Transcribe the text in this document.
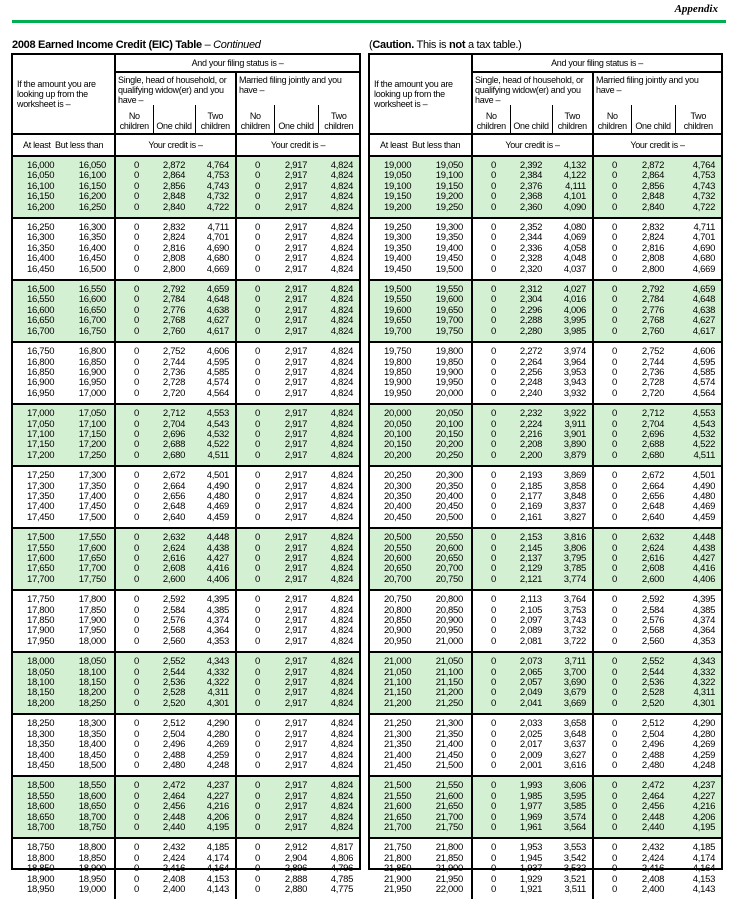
Appendix
2008 Earned Income Credit (EIC) Table – Continued	(Caution. This is not a tax table.)
If the amount you are looking up from the worksheet is –		And your filing status is –					
		Single, head of household, or qualifying widow(er) and you have –			Married filing jointly and you have –		
		No children	One child	Two children	No children	One child	Two children
At least But less than		Your credit is –			Your credit is –		
16,000	16,050	0	2,872	4,764	0	2,917	4,824
16,050	16,100	0	2,864	4,753	0	2,917	4,824
16,100	16,150	0	2,856	4,743	0	2,917	4,824
16,150	16,200	0	2,848	4,732	0	2,917	4,824
16,200	16,250	0	2,840	4,722	0	2,917	4,824
16,250	16,300	0	2,832	4,711	0	2,917	4,824
16,300	16,350	0	2,824	4,701	0	2,917	4,824
16,350	16,400	0	2,816	4,690	0	2,917	4,824
16,400	16,450	0	2,808	4,680	0	2,917	4,824
16,450	16,500	0	2,800	4,669	0	2,917	4,824
16,500	16,550	0	2,792	4,659	0	2,917	4,824
16,550	16,600	0	2,784	4,648	0	2,917	4,824
16,600	16,650	0	2,776	4,638	0	2,917	4,824
16,650	16,700	0	2,768	4,627	0	2,917	4,824
16,700	16,750	0	2,760	4,617	0	2,917	4,824
16,750	16,800	0	2,752	4,606	0	2,917	4,824
16,800	16,850	0	2,744	4,595	0	2,917	4,824
16,850	16,900	0	2,736	4,585	0	2,917	4,824
16,900	16,950	0	2,728	4,574	0	2,917	4,824
16,950	17,000	0	2,720	4,564	0	2,917	4,824
17,000	17,050	0	2,712	4,553	0	2,917	4,824
17,050	17,100	0	2,704	4,543	0	2,917	4,824
17,100	17,150	0	2,696	4,532	0	2,917	4,824
17,150	17,200	0	2,688	4,522	0	2,917	4,824
17,200	17,250	0	2,680	4,511	0	2,917	4,824
17,250	17,300	0	2,672	4,501	0	2,917	4,824
17,300	17,350	0	2,664	4,490	0	2,917	4,824
17,350	17,400	0	2,656	4,480	0	2,917	4,824
17,400	17,450	0	2,648	4,469	0	2,917	4,824
17,450	17,500	0	2,640	4,459	0	2,917	4,824
17,500	17,550	0	2,632	4,448	0	2,917	4,824
17,550	17,600	0	2,624	4,438	0	2,917	4,824
17,600	17,650	0	2,616	4,427	0	2,917	4,824
17,650	17,700	0	2,608	4,416	0	2,917	4,824
17,700	17,750	0	2,600	4,406	0	2,917	4,824
17,750	17,800	0	2,592	4,395	0	2,917	4,824
17,800	17,850	0	2,584	4,385	0	2,917	4,824
17,850	17,900	0	2,576	4,374	0	2,917	4,824
17,900	17,950	0	2,568	4,364	0	2,917	4,824
17,950	18,000	0	2,560	4,353	0	2,917	4,824
18,000	18,050	0	2,552	4,343	0	2,917	4,824
18,050	18,100	0	2,544	4,332	0	2,917	4,824
18,100	18,150	0	2,536	4,322	0	2,917	4,824
18,150	18,200	0	2,528	4,311	0	2,917	4,824
18,200	18,250	0	2,520	4,301	0	2,917	4,824
18,250	18,300	0	2,512	4,290	0	2,917	4,824
18,300	18,350	0	2,504	4,280	0	2,917	4,824
18,350	18,400	0	2,496	4,269	0	2,917	4,824
18,400	18,450	0	2,488	4,259	0	2,917	4,824
18,450	18,500	0	2,480	4,248	0	2,917	4,824
18,500	18,550	0	2,472	4,237	0	2,917	4,824
18,550	18,600	0	2,464	4,227	0	2,917	4,824
18,600	18,650	0	2,456	4,216	0	2,917	4,824
18,650	18,700	0	2,448	4,206	0	2,917	4,824
18,700	18,750	0	2,440	4,195	0	2,917	4,824
18,750	18,800	0	2,432	4,185	0	2,912	4,817
18,800	18,850	0	2,424	4,174	0	2,904	4,806
18,850	18,900	0	2,416	4,164	0	2,896	4,796
18,900	18,950	0	2,408	4,153	0	2,888	4,785
18,950	19,000	0	2,400	4,143	0	2,880	4,775
If the amount you are looking up from the worksheet is –		And your filing status is –					
		Single, head of household, or qualifying widow(er) and you have –			Married filing jointly and you have –		
		No children	One child	Two children	No children	One child	Two children
At least But less than		Your credit is –			Your credit is –		
19,000	19,050	0	2,392	4,132	0	2,872	4,764
19,050	19,100	0	2,384	4,122	0	2,864	4,753
19,100	19,150	0	2,376	4,111	0	2,856	4,743
19,150	19,200	0	2,368	4,101	0	2,848	4,732
19,200	19,250	0	2,360	4,090	0	2,840	4,722
19,250	19,300	0	2,352	4,080	0	2,832	4,711
19,300	19,350	0	2,344	4,069	0	2,824	4,701
19,350	19,400	0	2,336	4,058	0	2,816	4,690
19,400	19,450	0	2,328	4,048	0	2,808	4,680
19,450	19,500	0	2,320	4,037	0	2,800	4,669
19,500	19,550	0	2,312	4,027	0	2,792	4,659
19,550	19,600	0	2,304	4,016	0	2,784	4,648
19,600	19,650	0	2,296	4,006	0	2,776	4,638
19,650	19,700	0	2,288	3,995	0	2,768	4,627
19,700	19,750	0	2,280	3,985	0	2,760	4,617
19,750	19,800	0	2,272	3,974	0	2,752	4,606
19,800	19,850	0	2,264	3,964	0	2,744	4,595
19,850	19,900	0	2,256	3,953	0	2,736	4,585
19,900	19,950	0	2,248	3,943	0	2,728	4,574
19,950	20,000	0	2,240	3,932	0	2,720	4,564
20,000	20,050	0	2,232	3,922	0	2,712	4,553
20,050	20,100	0	2,224	3,911	0	2,704	4,543
20,100	20,150	0	2,216	3,901	0	2,696	4,532
20,150	20,200	0	2,208	3,890	0	2,688	4,522
20,200	20,250	0	2,200	3,879	0	2,680	4,511
20,250	20,300	0	2,193	3,869	0	2,672	4,501
20,300	20,350	0	2,185	3,858	0	2,664	4,490
20,350	20,400	0	2,177	3,848	0	2,656	4,480
20,400	20,450	0	2,169	3,837	0	2,648	4,469
20,450	20,500	0	2,161	3,827	0	2,640	4,459
20,500	20,550	0	2,153	3,816	0	2,632	4,448
20,550	20,600	0	2,145	3,806	0	2,624	4,438
20,600	20,650	0	2,137	3,795	0	2,616	4,427
20,650	20,700	0	2,129	3,785	0	2,608	4,416
20,700	20,750	0	2,121	3,774	0	2,600	4,406
20,750	20,800	0	2,113	3,764	0	2,592	4,395
20,800	20,850	0	2,105	3,753	0	2,584	4,385
20,850	20,900	0	2,097	3,743	0	2,576	4,374
20,900	20,950	0	2,089	3,732	0	2,568	4,364
20,950	21,000	0	2,081	3,722	0	2,560	4,353
21,000	21,050	0	2,073	3,711	0	2,552	4,343
21,050	21,100	0	2,065	3,700	0	2,544	4,332
21,100	21,150	0	2,057	3,690	0	2,536	4,322
21,150	21,200	0	2,049	3,679	0	2,528	4,311
21,200	21,250	0	2,041	3,669	0	2,520	4,301
21,250	21,300	0	2,033	3,658	0	2,512	4,290
21,300	21,350	0	2,025	3,648	0	2,504	4,280
21,350	21,400	0	2,017	3,637	0	2,496	4,269
21,400	21,450	0	2,009	3,627	0	2,488	4,259
21,450	21,500	0	2,001	3,616	0	2,480	4,248
21,500	21,550	0	1,993	3,606	0	2,472	4,237
21,550	21,600	0	1,985	3,595	0	2,464	4,227
21,600	21,650	0	1,977	3,585	0	2,456	4,216
21,650	21,700	0	1,969	3,574	0	2,448	4,206
21,700	21,750	0	1,961	3,564	0	2,440	4,195
21,750	21,800	0	1,953	3,553	0	2,432	4,185
21,800	21,850	0	1,945	3,542	0	2,424	4,174
21,850	21,900	0	1,937	3,532	0	2,416	4,164
21,900	21,950	0	1,929	3,521	0	2,408	4,153
21,950	22,000	0	1,921	3,511	0	2,400	4,143
